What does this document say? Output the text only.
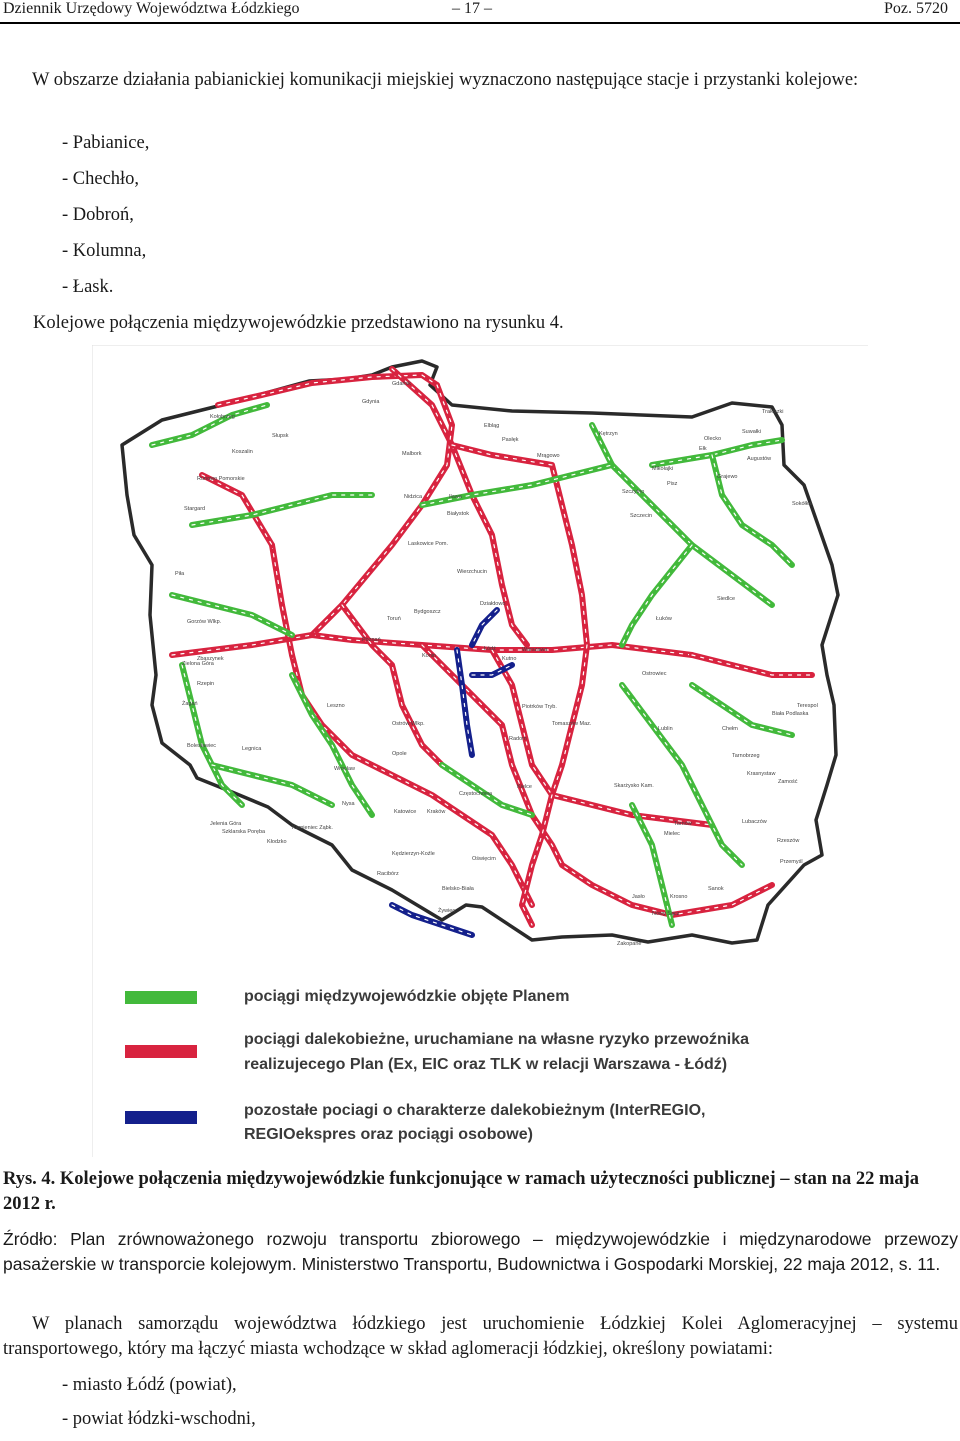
Dziennik Urzędowy Województwa Łódzkiego	– 17 –	Poz. 5720

W obszarze działania pabianickiej komunikacji miejskiej wyznaczono następujące stacje i przystanki kolejowe:

- Pabianice,
- Chechło,
- Dobroń,
- Kolumna,
- Łask.

Kolejowe połączenia międzywojewódzkie przedstawiono na rysunku 4.

Trakiszki
Elbląg
Kętrzyn
Ełk
Olecko
Suwałki
Pasłęk
Mrągowo
Mikołajki
Augustów
Kołobrzeg
Słupsk
Gdańsk
Gdynia
Pisz
Grajewo
Koszalin
Szczytno
Sokółka
Runowo Pomorskie
Malbork
Iława
Nidzica
Białystok	Szczecin
Stargard
Laskowice Pom.
Wierzchucin
Działdowo
Łuków
Piła
Bydgoszcz
Toruń
Kutno
Siedlce
Gorzów Wlkp.
Poznań
Konin
Łódź
Zbąszynek
Zielona Góra
Rzepin
Leszno
Ostrów Wlkp.
Żagań
Bolesławiec	Legnica
Wrocław
Opole
Kraków
Katowice
Skarżysko Kam.
Radom
Warszawa
Lublin
Krasnystaw
Zamość
Tarnów
Rzeszów
Przemyśl
Sanok
Krosno
Jasło
Zakopane
Nowy Sącz
Kielce
Piotrków Tryb.
Tomaszów Maz.
Częstochowa
Oświęcim
Bielsko-Biała
Żywiec
Kamieniec Ząbk.
Kłodzko
Jelenia Góra
Szklarska Poręba
Racibórz
Kędzierzyn-Koźle
Nysa
Lubaczów
Tarnobrzeg
Mielec
Terespol
Biała Podlaska
Chełm
Ostrowiec
pociągi międzywojewódzkie objęte Planem
pociągi dalekobieżne, uruchamiane na własne ryzyko przewoźnika
realizujecego Plan (Ex, EIC oraz TLK w relacji Warszawa - Łódź)
pozostałe pociagi o charakterze dalekobieżnym (InterREGIO,
REGIOekspres oraz pociągi osobowe)
Rys. 4. Kolejowe połączenia międzywojewódzkie funkcjonujące w ramach użyteczności publicznej – stan na 22 maja 2012 r.
Źródło: Plan zrównoważonego rozwoju transportu zbiorowego – międzywojewódzkie i międzynarodowe przewozy pasażerskie w transporcie kolejowym. Ministerstwo Transportu, Budownictwa i Gospodarki Morskiej, 22 maja 2012, s. 11.

W planach samorządu województwa łódzkiego jest uruchomienie Łódzkiej Kolei Aglomeracyjnej – systemu transportowego, który ma łączyć miasta wchodzące w skład aglomeracji łódzkiej, określony powiatami:

- miasto Łódź (powiat),
- powiat łódzki-wschodni,
